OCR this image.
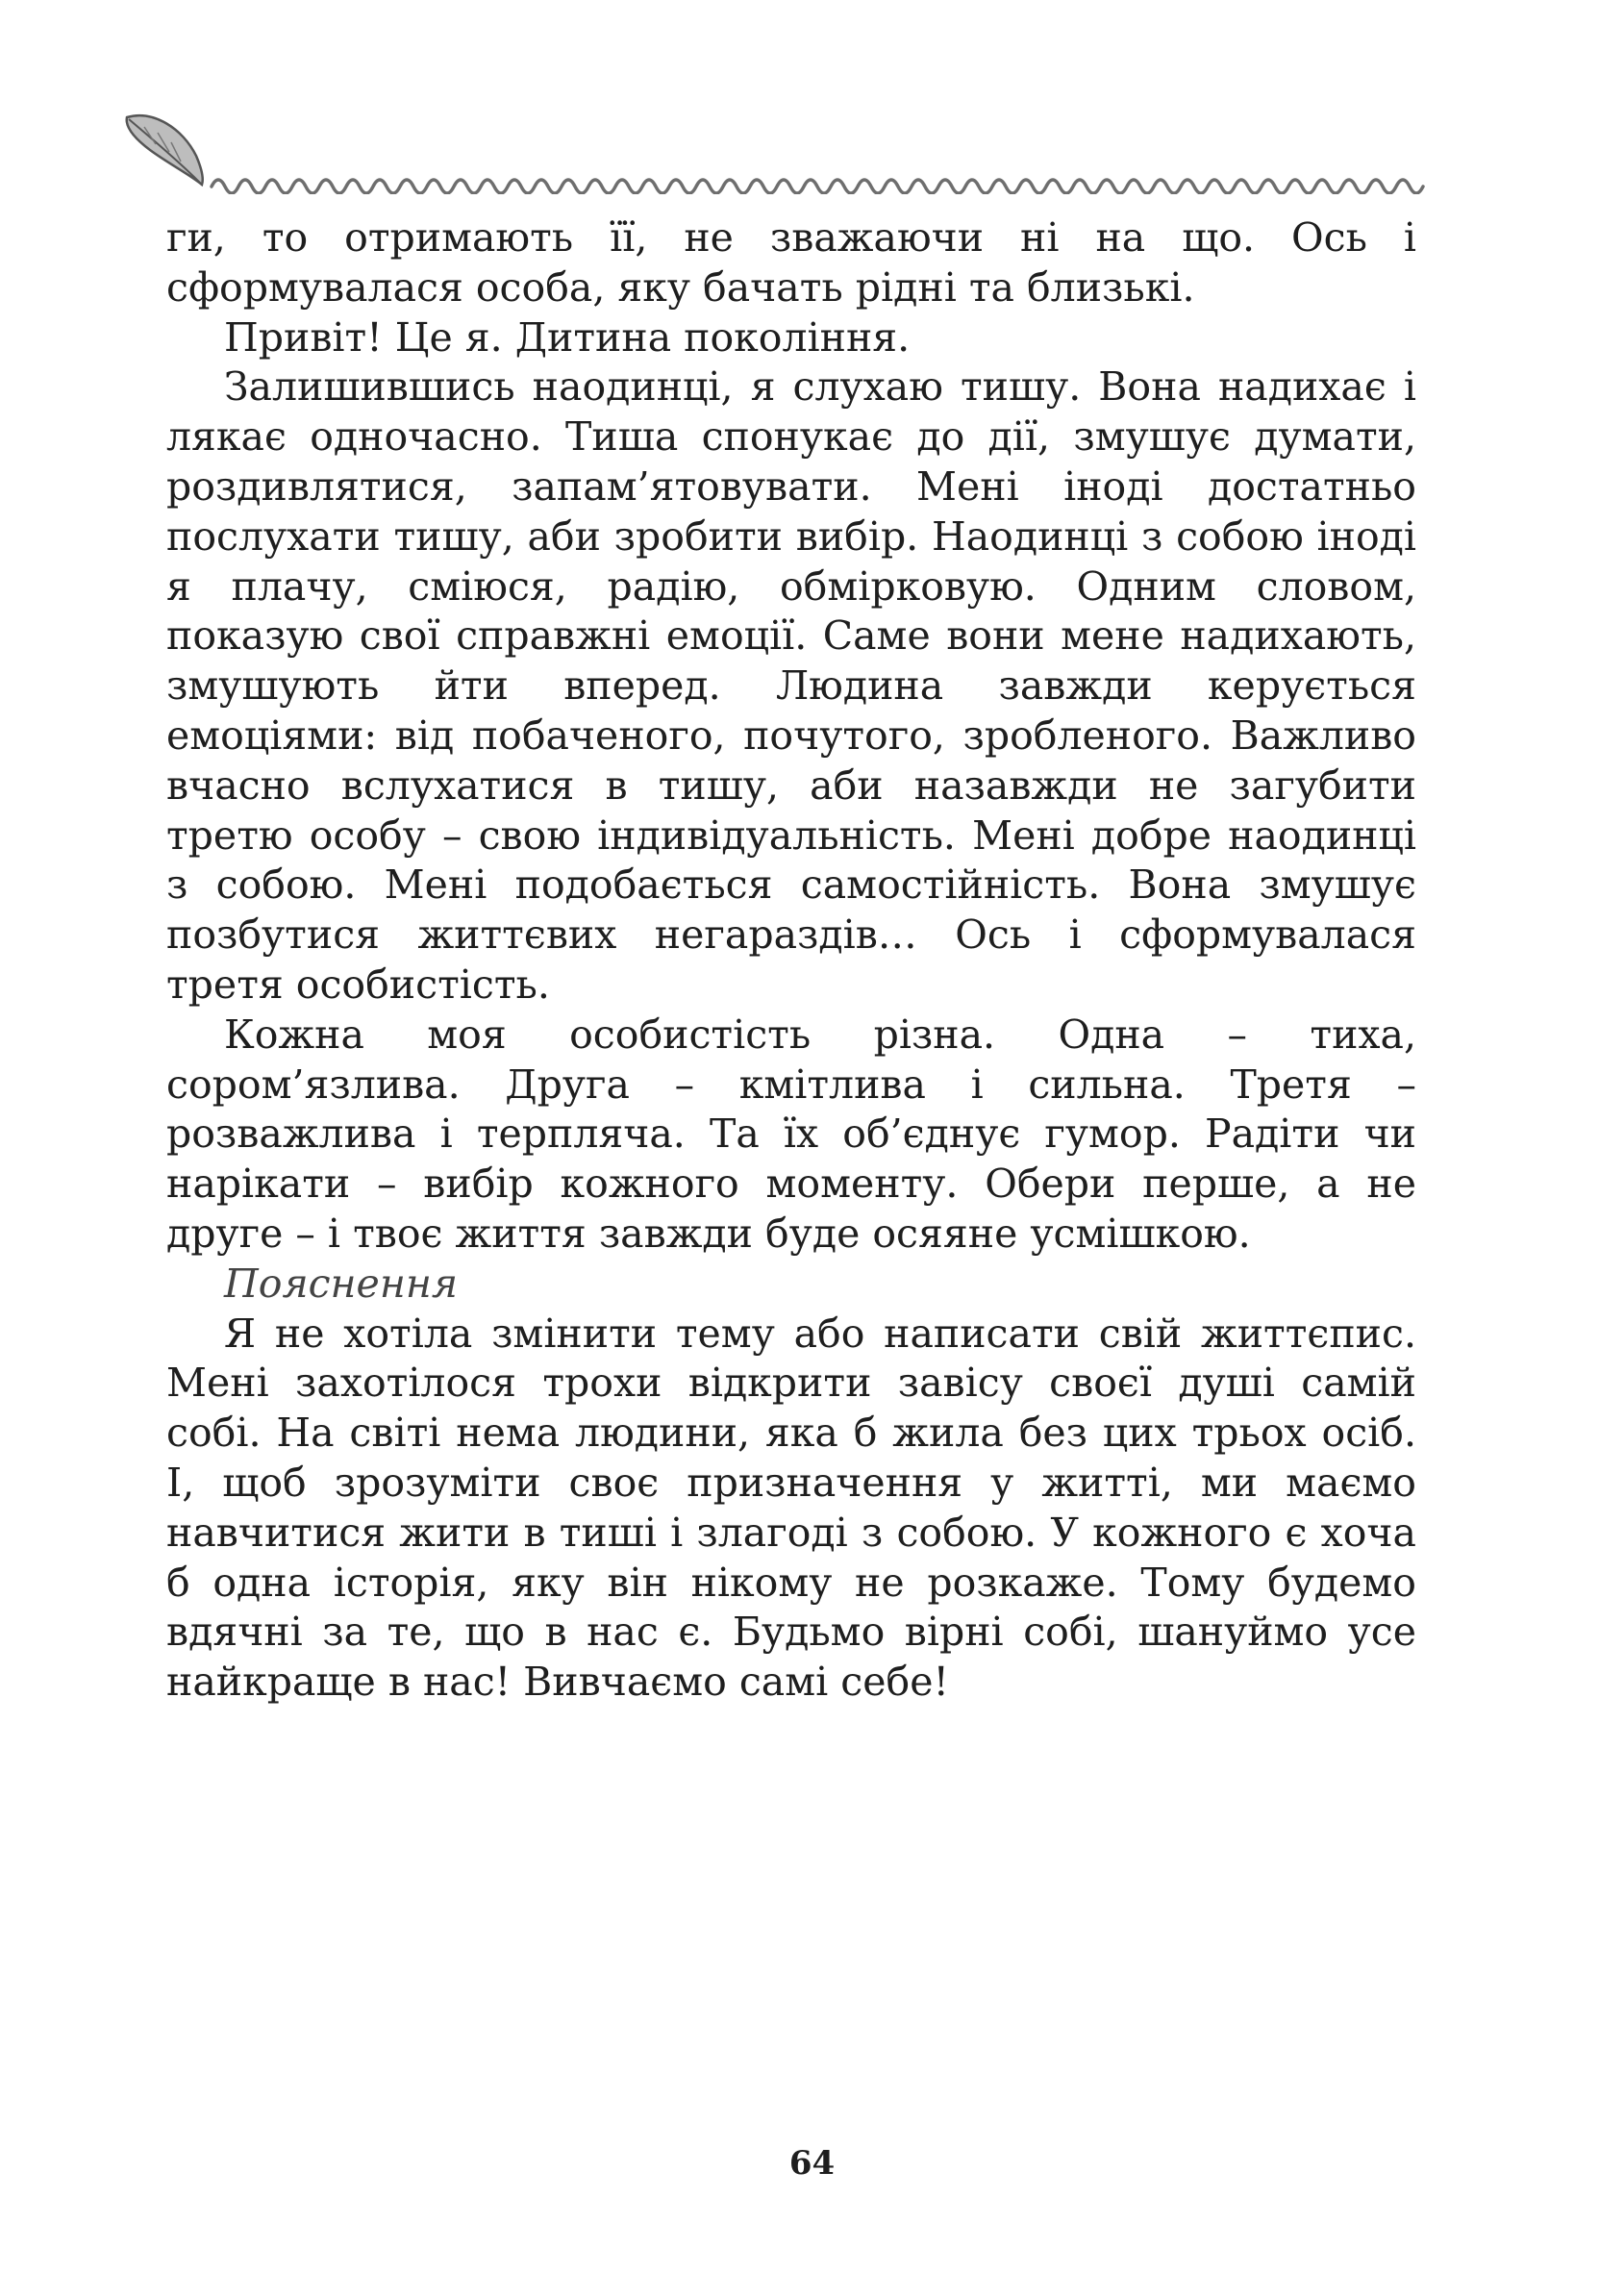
ги, то отримають її, не зважаючи ні на що. Ось і сформувалася особа, яку бачать рідні та близькі.

Привіт! Це я. Дитина покоління.

Залишившись наодинці, я слухаю тишу. Вона надихає і лякає одночасно. Тиша спонукає до дії, змушує думати, роздивлятися, запам’ятовувати. Мені іноді достатньо послухати тишу, аби зробити вибір. Наодинці з собою іноді я плачу, сміюся, радію, обмірковую. Одним словом, показую свої справжні емоції. Саме вони мене надихають, змушують йти вперед. Людина завжди керується емоціями: від побаченого, почутого, зробленого. Важливо вчасно вслухатися в тишу, аби назавжди не загубити третю особу – свою індивідуальність. Мені добре наодинці з собою. Мені подобається самостійність. Вона змушує позбутися життєвих негараздів… Ось і сформувалася третя особистість.

Кожна моя особистість різна. Одна – тиха, сором’язлива. Друга – кмітлива і сильна. Третя – розважлива і терпляча. Та їх об’єднує гумор. Радіти чи нарікати – вибір кожного моменту. Обери перше, а не друге – і твоє життя завжди буде осяяне усмішкою.

Пояснення

Я не хотіла змінити тему або написати свій життєпис. Мені захотілося трохи відкрити завісу своєї душі самій собі. На світі нема людини, яка б жила без цих трьох осіб. І, щоб зрозуміти своє призначення у житті, ми маємо навчитися жити в тиші і злагоді з собою. У кожного є хоча б одна історія, яку він нікому не розкаже. Тому будемо вдячні за те, що в нас є. Будьмо вірні собі, шануймо усе найкраще в нас! Вивчаємо самі себе!

64
